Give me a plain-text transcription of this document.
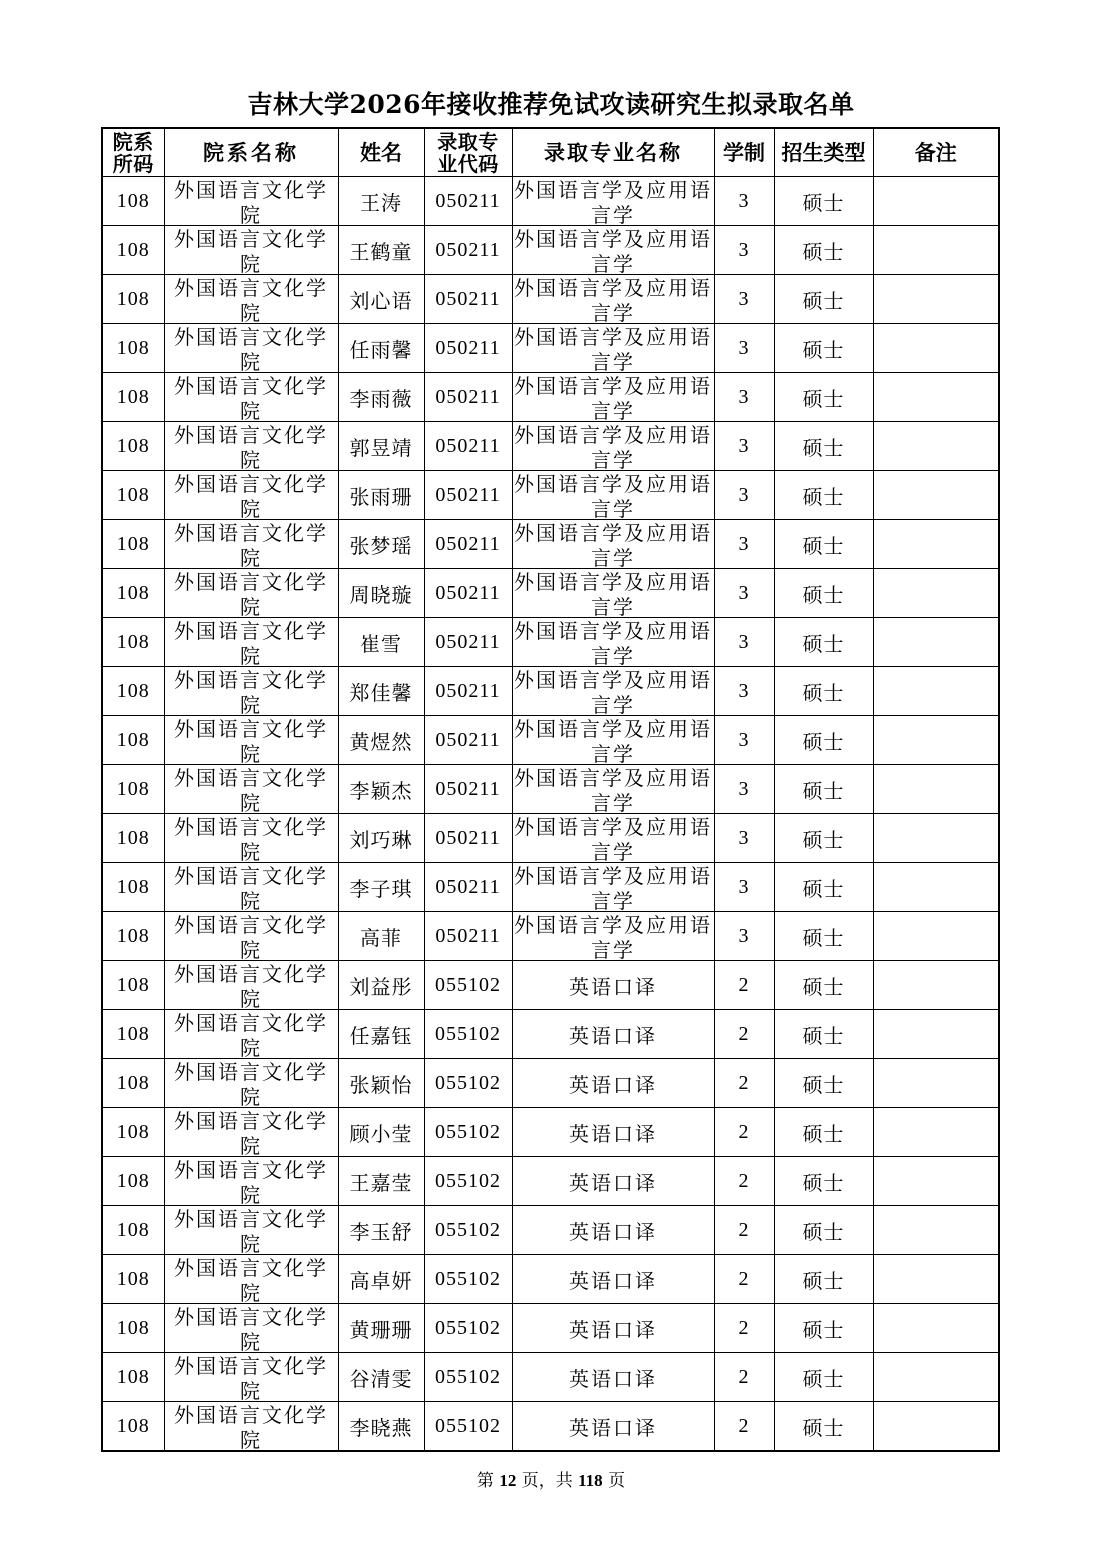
吉林大学2026年接收推荐免试攻读研究生拟录取名单
院系所码	院系名称	姓名	录取专业代码	录取专业名称	学制	招生类型	备注
108	外国语言文化学院	王涛	050211	外国语言学及应用语言学	3	硕士	
108	外国语言文化学院	王鹤童	050211	外国语言学及应用语言学	3	硕士	
108	外国语言文化学院	刘心语	050211	外国语言学及应用语言学	3	硕士	
108	外国语言文化学院	任雨馨	050211	外国语言学及应用语言学	3	硕士	
108	外国语言文化学院	李雨薇	050211	外国语言学及应用语言学	3	硕士	
108	外国语言文化学院	郭昱靖	050211	外国语言学及应用语言学	3	硕士	
108	外国语言文化学院	张雨珊	050211	外国语言学及应用语言学	3	硕士	
108	外国语言文化学院	张梦瑶	050211	外国语言学及应用语言学	3	硕士	
108	外国语言文化学院	周晓璇	050211	外国语言学及应用语言学	3	硕士	
108	外国语言文化学院	崔雪	050211	外国语言学及应用语言学	3	硕士	
108	外国语言文化学院	郑佳馨	050211	外国语言学及应用语言学	3	硕士	
108	外国语言文化学院	黄煜然	050211	外国语言学及应用语言学	3	硕士	
108	外国语言文化学院	李颖杰	050211	外国语言学及应用语言学	3	硕士	
108	外国语言文化学院	刘巧琳	050211	外国语言学及应用语言学	3	硕士	
108	外国语言文化学院	李子琪	050211	外国语言学及应用语言学	3	硕士	
108	外国语言文化学院	高菲	050211	外国语言学及应用语言学	3	硕士	
108	外国语言文化学院	刘益彤	055102	英语口译	2	硕士	
108	外国语言文化学院	任嘉钰	055102	英语口译	2	硕士	
108	外国语言文化学院	张颖怡	055102	英语口译	2	硕士	
108	外国语言文化学院	顾小莹	055102	英语口译	2	硕士	
108	外国语言文化学院	王嘉莹	055102	英语口译	2	硕士	
108	外国语言文化学院	李玉舒	055102	英语口译	2	硕士	
108	外国语言文化学院	高卓妍	055102	英语口译	2	硕士	
108	外国语言文化学院	黄珊珊	055102	英语口译	2	硕士	
108	外国语言文化学院	谷清雯	055102	英语口译	2	硕士	
108	外国语言文化学院	李晓燕	055102	英语口译	2	硕士	
第 12 页，共 118 页
